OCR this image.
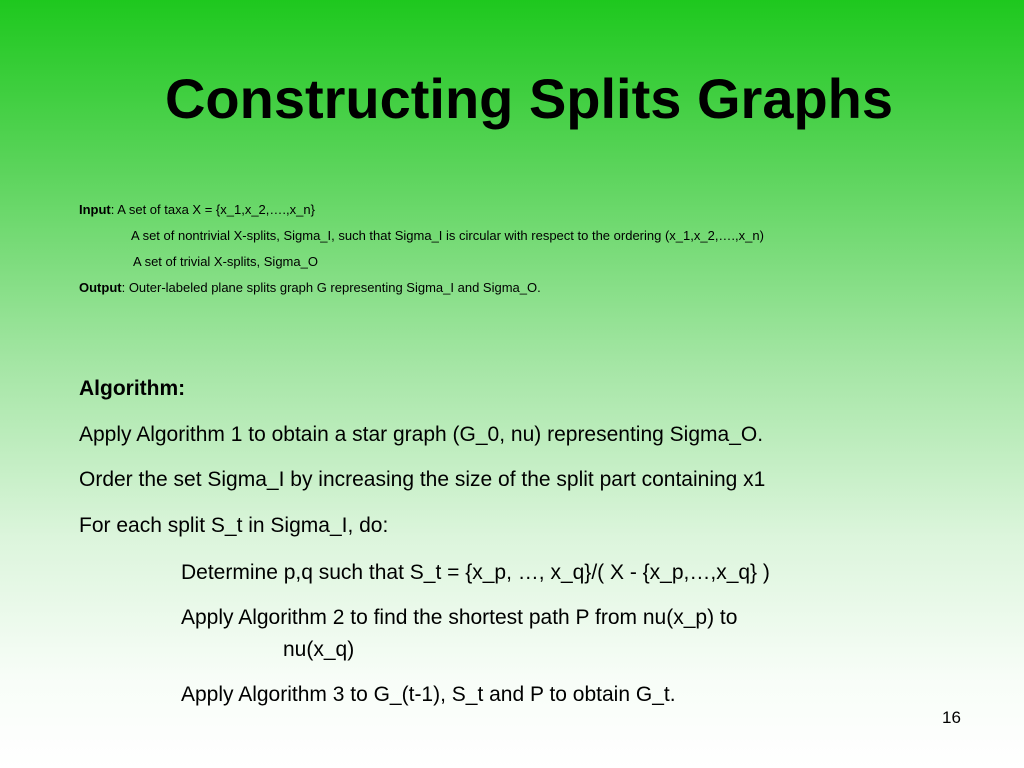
Constructing Splits Graphs
Input: A set of taxa X = {x_1,x_2,….,x_n}
A set of nontrivial X-splits, Sigma_I, such that Sigma_I is circular with respect to the ordering (x_1,x_2,….,x_n)
A set of trivial X-splits, Sigma_O
Output: Outer-labeled plane splits graph G representing Sigma_I and Sigma_O.
Algorithm:
Apply Algorithm 1 to obtain a star graph (G_0, nu) representing Sigma_O.
Order the set Sigma_I by increasing the size of the split part containing x1
For each split S_t in Sigma_I, do:
Determine p,q such that S_t = {x_p, …, x_q}/( X - {x_p,…,x_q} )
Apply Algorithm 2 to find the shortest path P from nu(x_p) to
nu(x_q)
Apply Algorithm 3 to G_(t-1), S_t and P to obtain G_t.
16
